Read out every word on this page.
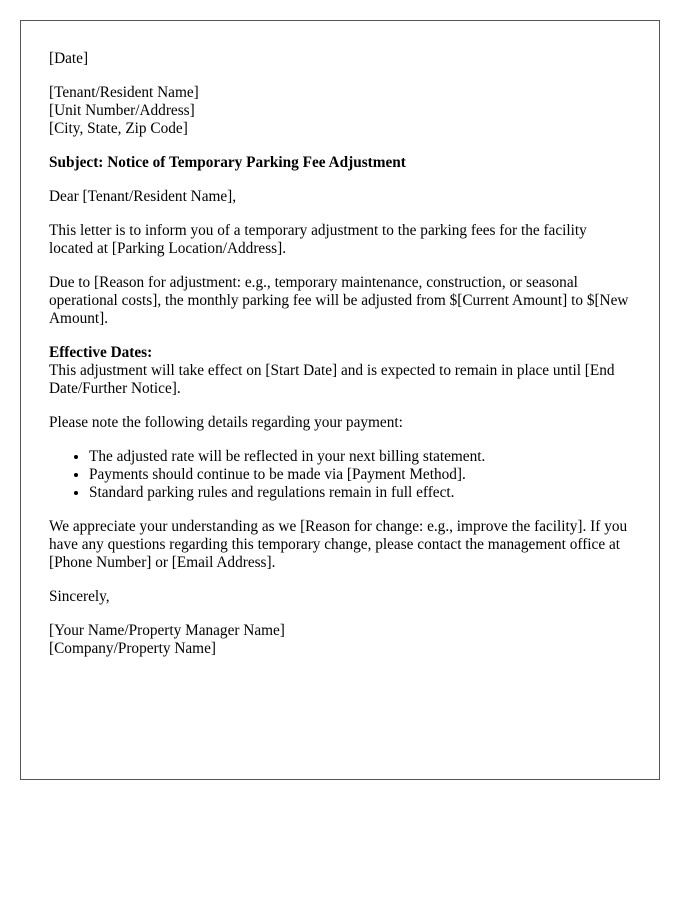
[Date]

[Tenant/Resident Name]
[Unit Number/Address]
[City, State, Zip Code]

Subject: Notice of Temporary Parking Fee Adjustment

Dear [Tenant/Resident Name],

This letter is to inform you of a temporary adjustment to the parking fees for the facility located at [Parking Location/Address].

Due to [Reason for adjustment: e.g., temporary maintenance, construction, or seasonal operational costs], the monthly parking fee will be adjusted from $[Current Amount] to $[New Amount].

Effective Dates:
This adjustment will take effect on [Start Date] and is expected to remain in place until [End Date/Further Notice].

Please note the following details regarding your payment:

• The adjusted rate will be reflected in your next billing statement.
• Payments should continue to be made via [Payment Method].
• Standard parking rules and regulations remain in full effect.

We appreciate your understanding as we [Reason for change: e.g., improve the facility]. If you have any questions regarding this temporary change, please contact the management office at [Phone Number] or [Email Address].

Sincerely,

[Your Name/Property Manager Name]
[Company/Property Name]
